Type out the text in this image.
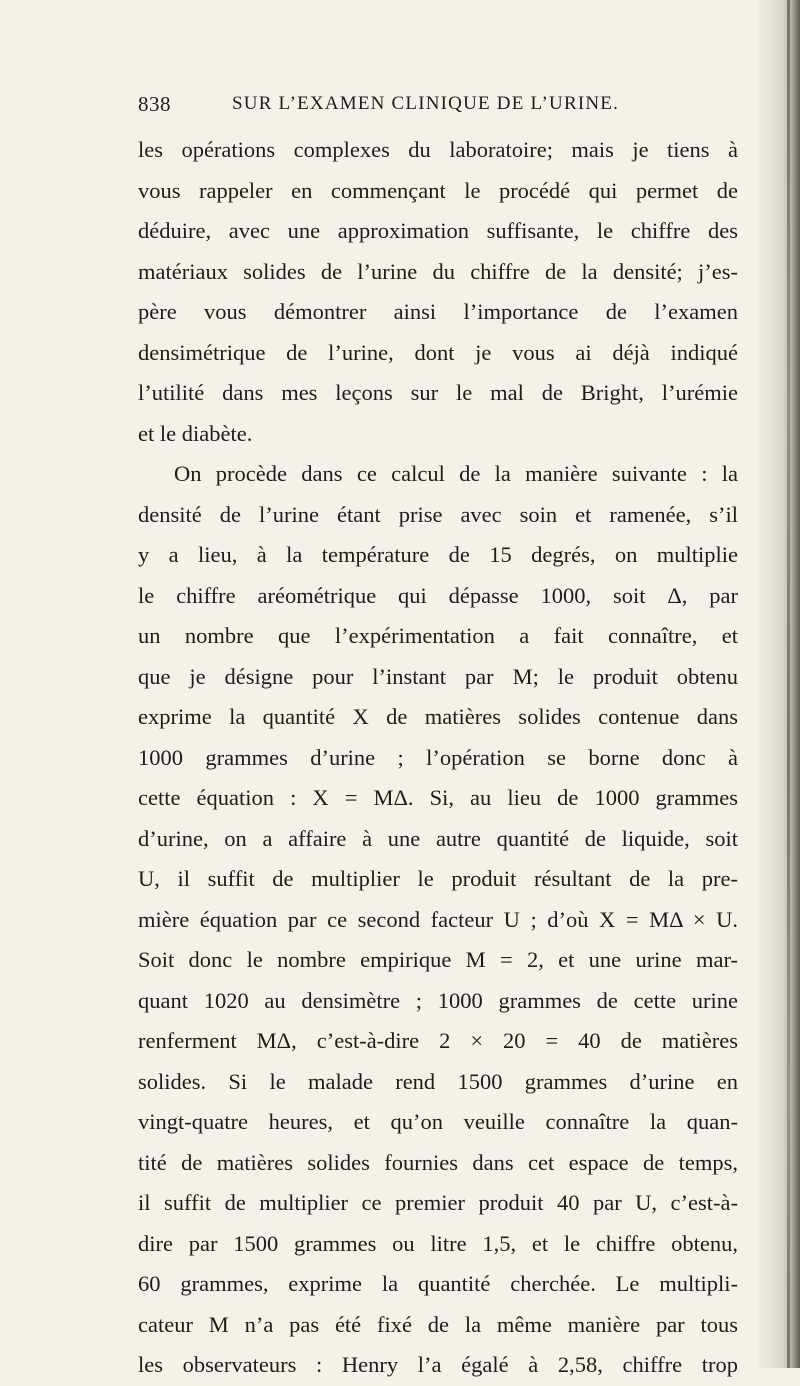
838	SUR L’EXAMEN CLINIQUE DE L’URINE.
les opérations complexes du laboratoire; mais je tiens à
vous rappeler en commençant le procédé qui permet de
déduire, avec une approximation suffisante, le chiffre des
matériaux solides de l’urine du chiffre de la densité; j’es-
père vous démontrer ainsi l’importance de l’examen
densimétrique de l’urine, dont je vous ai déjà indiqué
l’utilité dans mes leçons sur le mal de Bright, l’urémie
et le diabète.
On procède dans ce calcul de la manière suivante : la
densité de l’urine étant prise avec soin et ramenée, s’il
y a lieu, à la température de 15 degrés, on multiplie
le chiffre aréométrique qui dépasse 1000, soit Δ, par
un nombre que l’expérimentation a fait connaître, et
que je désigne pour l’instant par M; le produit obtenu
exprime la quantité X de matières solides contenue dans
1000 grammes d’urine ; l’opération se borne donc à
cette équation : X = MΔ. Si, au lieu de 1000 grammes
d’urine, on a affaire à une autre quantité de liquide, soit
U, il suffit de multiplier le produit résultant de la pre-
mière équation par ce second facteur U ; d’où X = MΔ × U.
Soit donc le nombre empirique M = 2, et une urine mar-
quant 1020 au densimètre ; 1000 grammes de cette urine
renferment MΔ, c’est-à-dire 2 × 20 = 40 de matières
solides. Si le malade rend 1500 grammes d’urine en
vingt-quatre heures, et qu’on veuille connaître la quan-
tité de matières solides fournies dans cet espace de temps,
il suffit de multiplier ce premier produit 40 par U, c’est-à-
dire par 1500 grammes ou litre 1,5, et le chiffre obtenu,
60 grammes, exprime la quantité cherchée. Le multipli-
cateur M n’a pas été fixé de la même manière par tous
les observateurs : Henry l’a égalé à 2,58, chiffre trop
